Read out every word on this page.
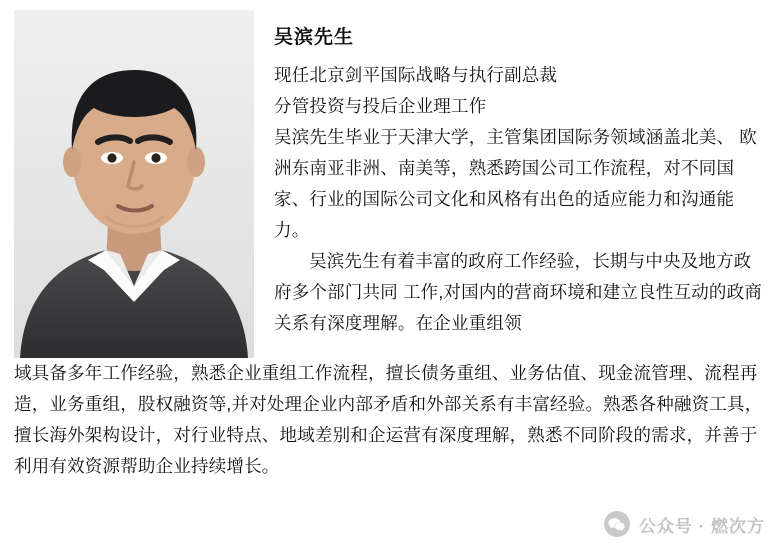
吴滨先生

现任北京剑平国际战略与执行副总裁

分管投资与投后企业理工作

吴滨先生毕业于天津大学，主管集团国际务领域涵盖北美、 欧洲东南亚非洲、南美等，熟悉跨国公司工作流程，对不同国家、行业的国际公司文化和风格有出色的适应能力和沟通能力。

吴滨先生有着丰富的政府工作经验，长期与中央及地方政府多个部门共同 工作,对国内的营商环境和建立良性互动的政商关系有深度理解。在企业重组领

域具备多年工作经验，熟悉企业重组工作流程，擅长债务重组、业务估值、现金流管理、流程再造，业务重组，股权融资等,并对处理企业内部矛盾和外部关系有丰富经验。熟悉各种融资工具，擅长海外架构设计，对行业特点、地域差别和企运营有深度理解，熟悉不同阶段的需求，并善于利用有效资源帮助企业持续增长。

公众号 · 燃次方
